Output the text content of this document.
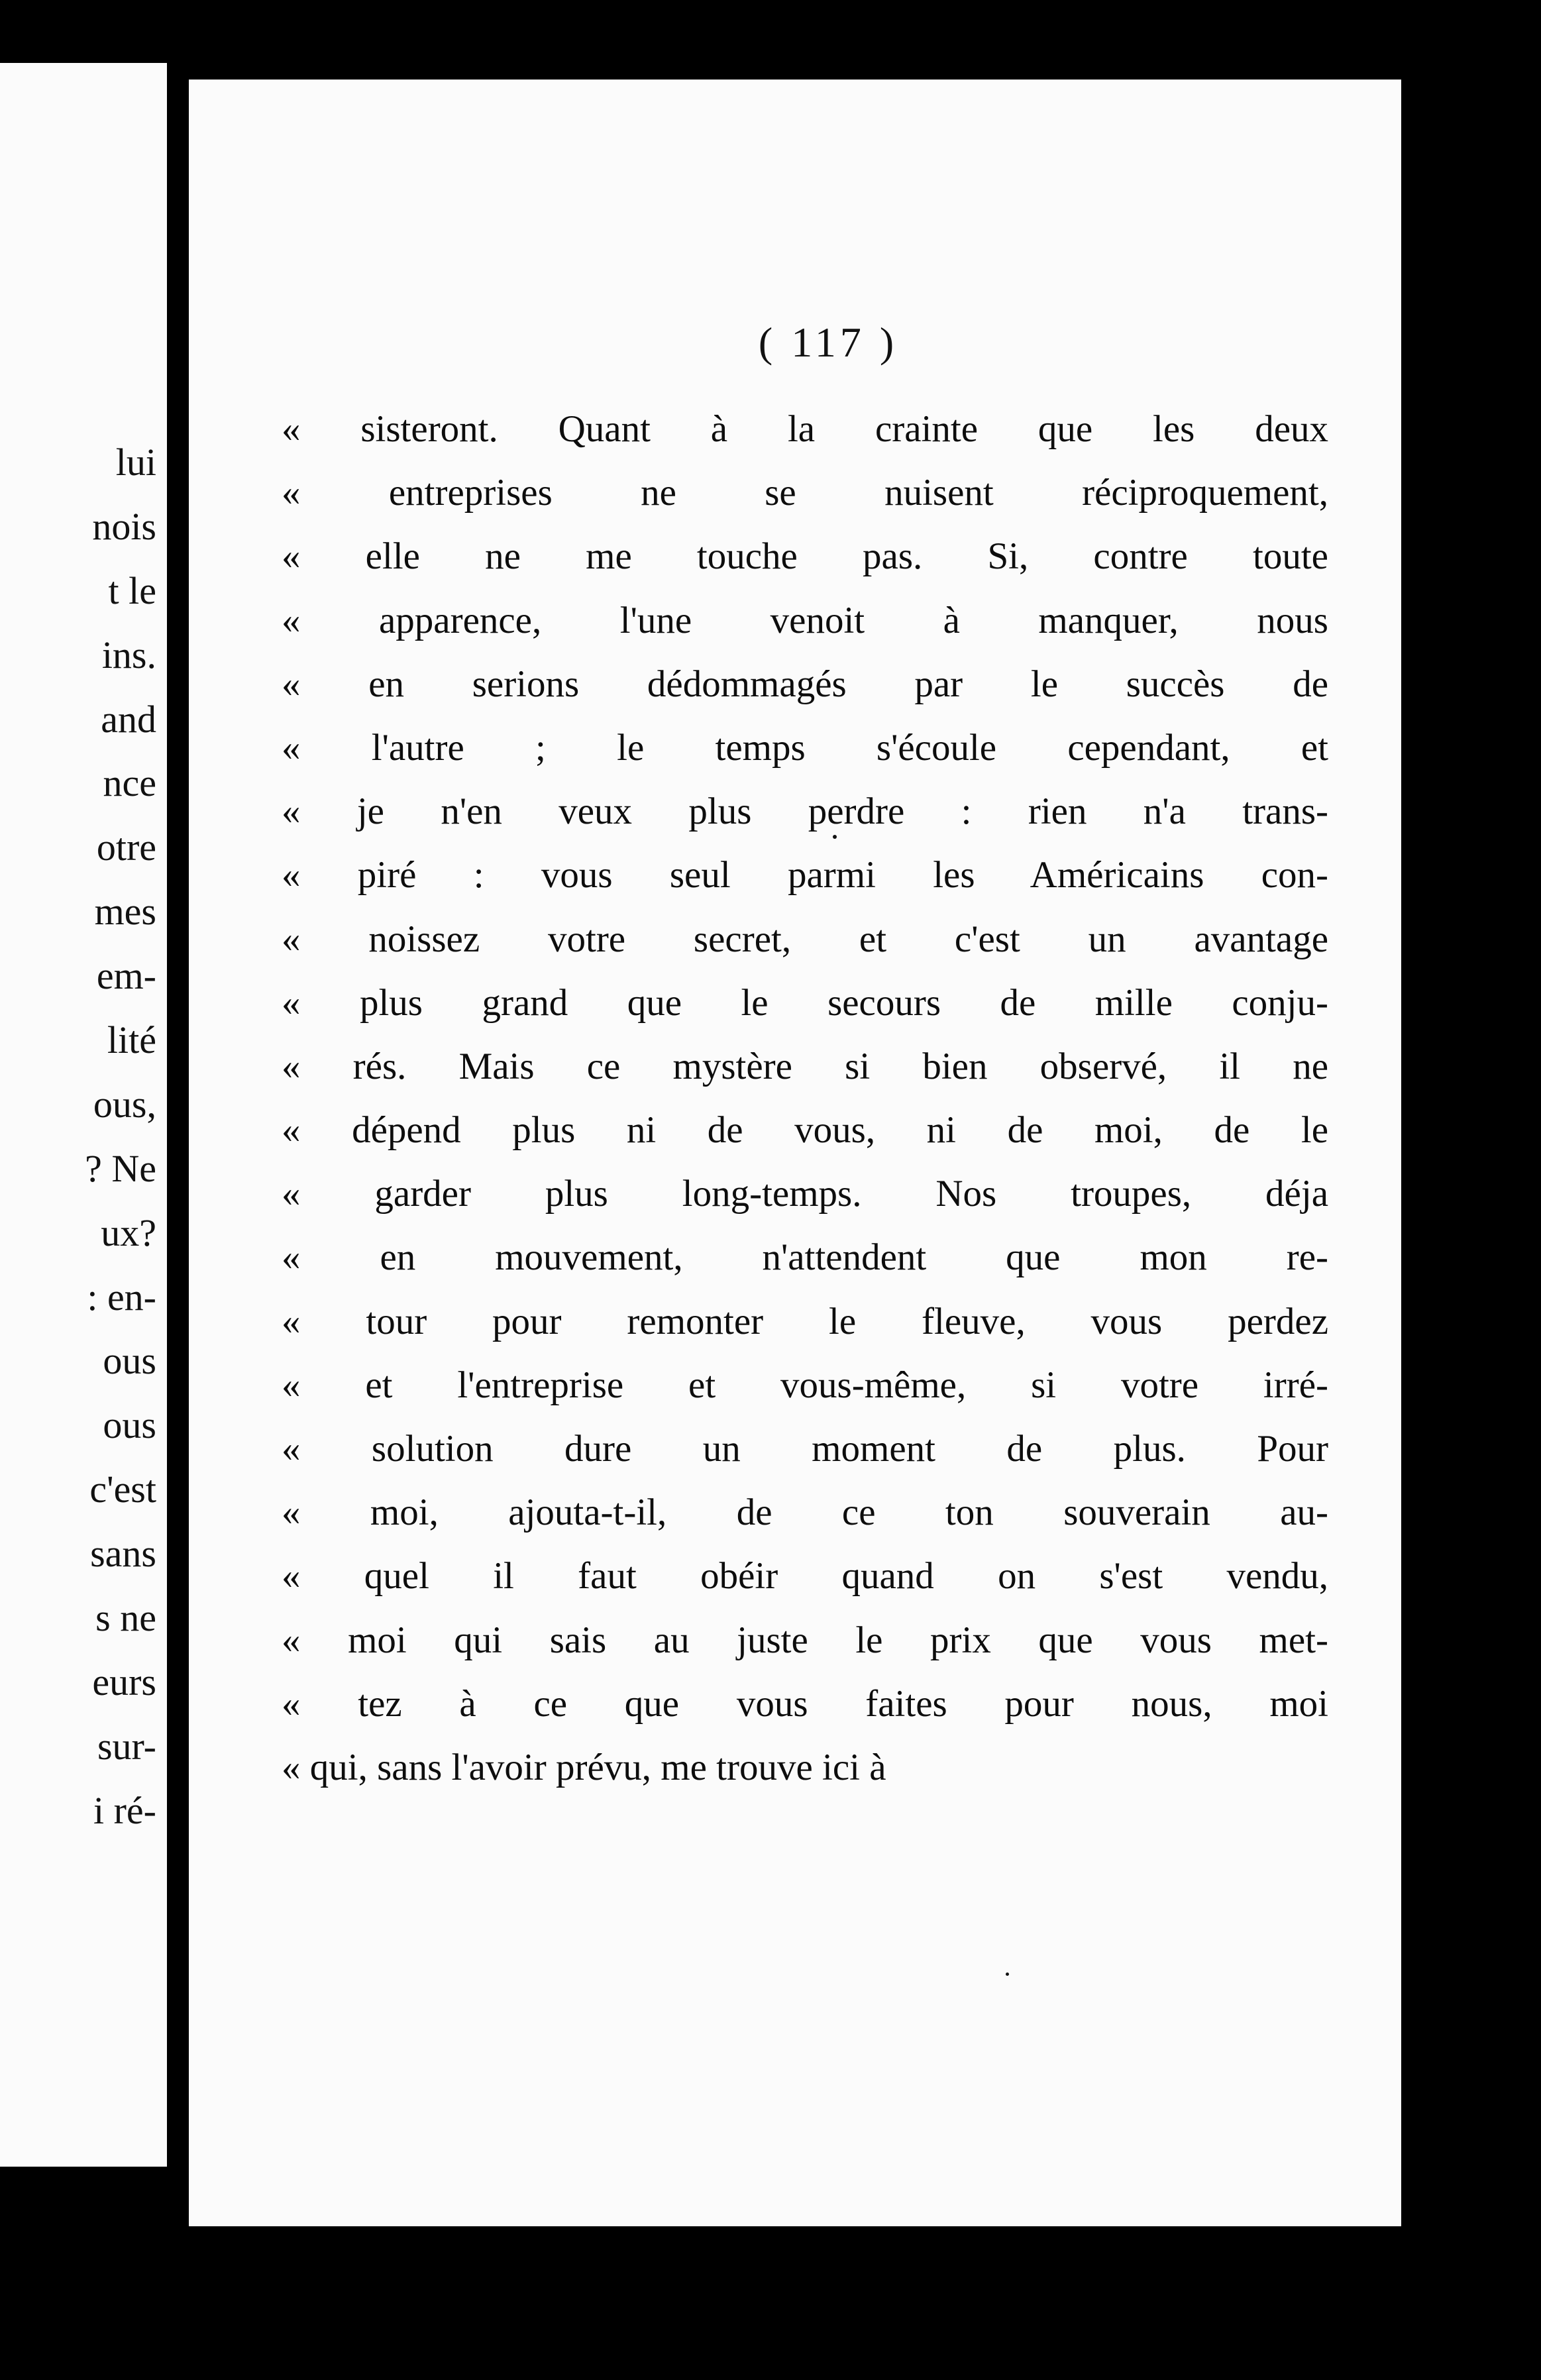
lui
nois
t le
ins.
and
nce
otre
mes
em-
lité
ous,
? Ne
ux?
: en-
ous
ous
c'est
sans
s ne
eurs
sur-
i ré-
( 117 )
« sisteront. Quant à la crainte que les deux
« entreprises ne se nuisent réciproquement,
« elle ne me touche pas. Si, contre toute
« apparence, l'une venoit à manquer, nous
« en serions dédommagés par le succès de
« l'autre ; le temps s'écoule cependant, et
« je n'en veux plus perdre : rien n'a trans-
« piré : vous seul parmi les Américains con-
« noissez votre secret, et c'est un avantage
« plus grand que le secours de mille conju-
« rés. Mais ce mystère si bien observé, il ne
« dépend plus ni de vous, ni de moi, de le
« garder plus long-temps. Nos troupes, déja
« en mouvement, n'attendent que mon re-
« tour pour remonter le fleuve, vous perdez
« et l'entreprise et vous-même, si votre irré-
« solution dure un moment de plus. Pour
« moi, ajouta-t-il, de ce ton souverain au-
« quel il faut obéir quand on s'est vendu,
« moi qui sais au juste le prix que vous met-
« tez à ce que vous faites pour nous, moi
« qui, sans l'avoir prévu, me trouve ici à
